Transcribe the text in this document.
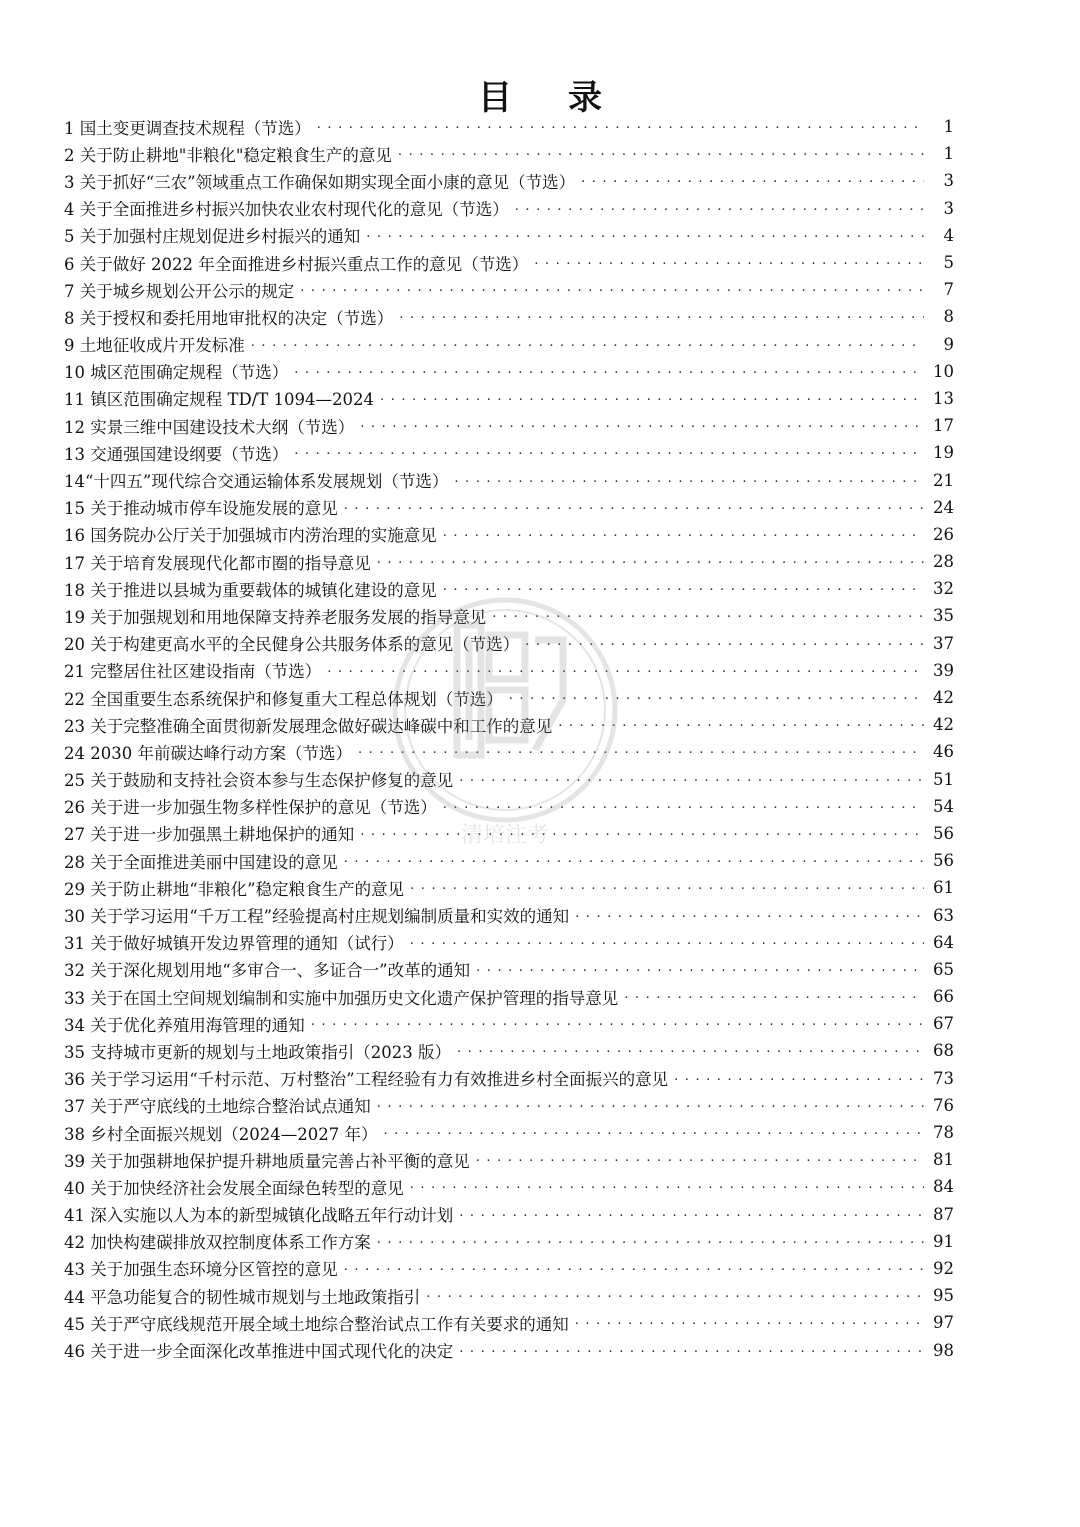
目 录
1 国土变更调查技术规程（节选） . . .	1
2 关于防止耕地"非粮化"稳定粮食生产的意见 . . .	1
3 关于抓好“三农”领域重点工作确保如期实现全面小康的意见（节选） . . .	3
4 关于全面推进乡村振兴加快农业农村现代化的意见（节选） . . .	3
5 关于加强村庄规划促进乡村振兴的通知 . . .	4
6 关于做好 2022 年全面推进乡村振兴重点工作的意见（节选） . . .	5
7 关于城乡规划公开公示的规定 . . .	7
8 关于授权和委托用地审批权的决定（节选） . . .	8
9 土地征收成片开发标准 . . .	9
10 城区范围确定规程（节选） . . .	10
11 镇区范围确定规程 TD/T 1094—2024 . . .	13
12 实景三维中国建设技术大纲（节选） . . .	17
13 交通强国建设纲要（节选） . . .	19
14“十四五”现代综合交通运输体系发展规划（节选） . . .	21
15 关于推动城市停车设施发展的意见 . . .	24
16 国务院办公厅关于加强城市内涝治理的实施意见 . . .	26
17 关于培育发展现代化都市圈的指导意见 . . .	28
18 关于推进以县城为重要载体的城镇化建设的意见 . . .	32
19 关于加强规划和用地保障支持养老服务发展的指导意见 . . .	35
20 关于构建更高水平的全民健身公共服务体系的意见（节选） . . .	37
21 完整居住社区建设指南（节选） . . .	39
22 全国重要生态系统保护和修复重大工程总体规划（节选） . . .	42
23 关于完整准确全面贯彻新发展理念做好碳达峰碳中和工作的意见 . . .	42
24 2030 年前碳达峰行动方案（节选） . . .	46
25 关于鼓励和支持社会资本参与生态保护修复的意见 . . .	51
26 关于进一步加强生物多样性保护的意见（节选） . . .	54
27 关于进一步加强黑土耕地保护的通知 . . .	56
28 关于全面推进美丽中国建设的意见 . . .	56
29 关于防止耕地“非粮化”稳定粮食生产的意见 . . .	61
30 关于学习运用“千万工程”经验提高村庄规划编制质量和实效的通知 . . .	63
31 关于做好城镇开发边界管理的通知（试行） . . .	64
32 关于深化规划用地“多审合一、多证合一”改革的通知 . . .	65
33 关于在国土空间规划编制和实施中加强历史文化遗产保护管理的指导意见 . . .	66
34 关于优化养殖用海管理的通知 . . .	67
35 支持城市更新的规划与土地政策指引（2023 版） . . .	68
36 关于学习运用“千村示范、万村整治”工程经验有力有效推进乡村全面振兴的意见 . . .	73
37 关于严守底线的土地综合整治试点通知 . . .	76
38 乡村全面振兴规划（2024—2027 年） . . .	78
39 关于加强耕地保护提升耕地质量完善占补平衡的意见 . . .	81
40 关于加快经济社会发展全面绿色转型的意见 . . .	84
41 深入实施以人为本的新型城镇化战略五年行动计划 . . .	87
42 加快构建碳排放双控制度体系工作方案 . . .	91
43 关于加强生态环境分区管控的意见 . . .	92
44 平急功能复合的韧性城市规划与土地政策指引 . . .	95
45 关于严守底线规范开展全域土地综合整治试点工作有关要求的通知 . . .	97
46 关于进一步全面深化改革推进中国式现代化的决定 . . .	98
清培注考
